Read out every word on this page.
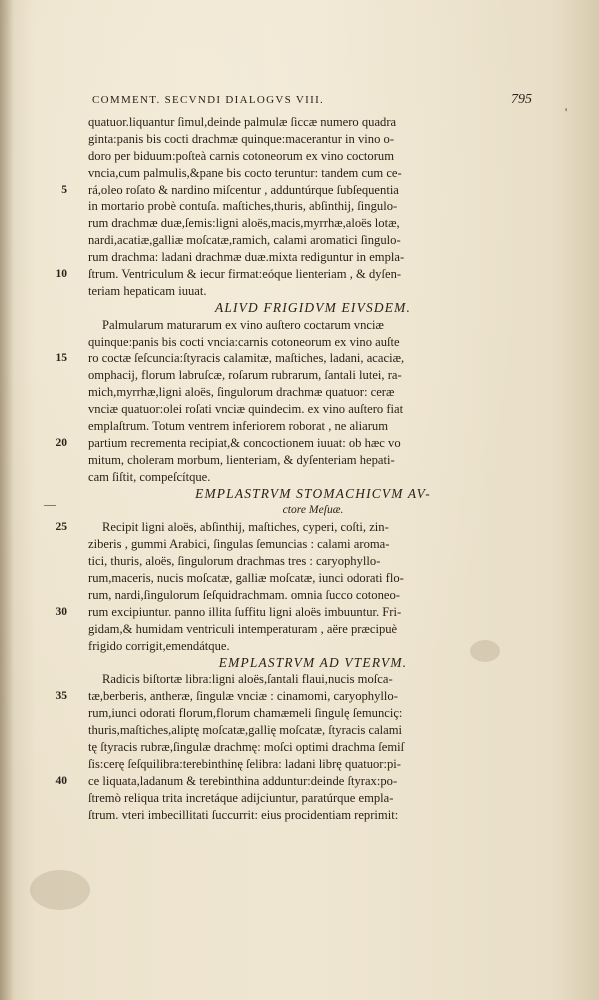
COMMENT. SECVNDI DIALOGVS VIII.	795
'
—
quatuor.liquantur ſimul,deinde palmulæ ſiccæ numero quadra
ginta:panis bis cocti drachmæ quinque:macerantur in vino o-
doro per biduum:poſteà carnis cotoneorum ex vino coctorum
vncia,cum palmulis,&pane bis cocto teruntur: tandem cum ce-
5 rá,oleo roſato & nardino miſcentur , adduntúrque ſubſequentia
in mortario probè contuſa. maſtiches,thuris, abſinthij, ſingulo-
rum drachmæ duæ,ſemis:ligni aloës,macis,myrrhæ,aloës lotæ,
nardi,acatiæ,galliæ moſcatæ,ramich, calami aromatici ſingulo-
rum drachma: ladani drachmæ duæ.mixta rediguntur in empla-
10 ſtrum. Ventriculum & iecur firmat:eóque lienteriam , & dyſen-
teriam hepaticam iuuat.
ALIVD FRIGIDVM EIVSDEM.
Palmularum maturarum ex vino auſtero coctarum vnciæ
quinque:panis bis cocti vncia:carnis cotoneorum ex vino auſte
15 ro coctæ ſeſcuncia:ſtyracis calamitæ, maſtiches, ladani, acaciæ,
omphacij, florum labruſcæ, roſarum rubrarum, ſantali lutei, ra-
mich,myrrhæ,ligni aloës, ſingulorum drachmæ quatuor: ceræ
vnciæ quatuor:olei roſati vnciæ quindecim. ex vino auſtero fiat
emplaſtrum. Totum ventrem inferiorem roborat , ne aliarum
20 partium recrementa recipiat,& concoctionem iuuat: ob hæc vo
mitum, choleram morbum, lienteriam, & dyſenteriam hepati-
cam ſiſtit, compeſcítque.
EMPLASTRVM STOMACHICVM AV-
ctore Meſuæ.
25	Recipit ligni aloës, abſinthij, maſtiches, cyperi, coſti, zin-
ziberis , gummi Arabici, ſingulas ſemuncias : calami aroma-
tici, thuris, aloës, ſingulorum drachmas tres : caryophyllo-
rum,maceris, nucis moſcatæ, galliæ moſcatæ, iunci odorati flo-
rum, nardi,ſingulorum ſeſquidrachmam. omnia ſucco cotoneo-
30 rum excipiuntur. panno illita ſuffitu ligni aloës imbuuntur. Fri-
gidam,& humidam ventriculi intemperaturam , aëre præcipuè
frigido corrigit,emendátque.
EMPLASTRVM AD VTERVM.
Radicis biſtortæ libra:ligni aloës,ſantali flaui,nucis moſca-
35 tæ,berberis, antheræ, ſingulæ vnciæ : cinamomi, caryophyllo-
rum,iunci odorati florum,florum chamæmeli ſingulę ſemunciç:
thuris,maſtiches,aliptę moſcatæ,gallię moſcatæ, ſtyracis calami
tę ſtyracis rubræ,ſingulæ drachmę: moſci optimi drachma ſemiſ
ſis:cerę ſeſquilibra:terebinthinę ſelibra: ladani librę quatuor:pi-
40 ce liquata,ladanum & terebinthina adduntur:deinde ſtyrax:po-
ſtremò reliqua trita incretáque adijciuntur, paratúrque empla-
ſtrum. vteri imbecillitati ſuccurrit: eius procidentiam reprimit:
